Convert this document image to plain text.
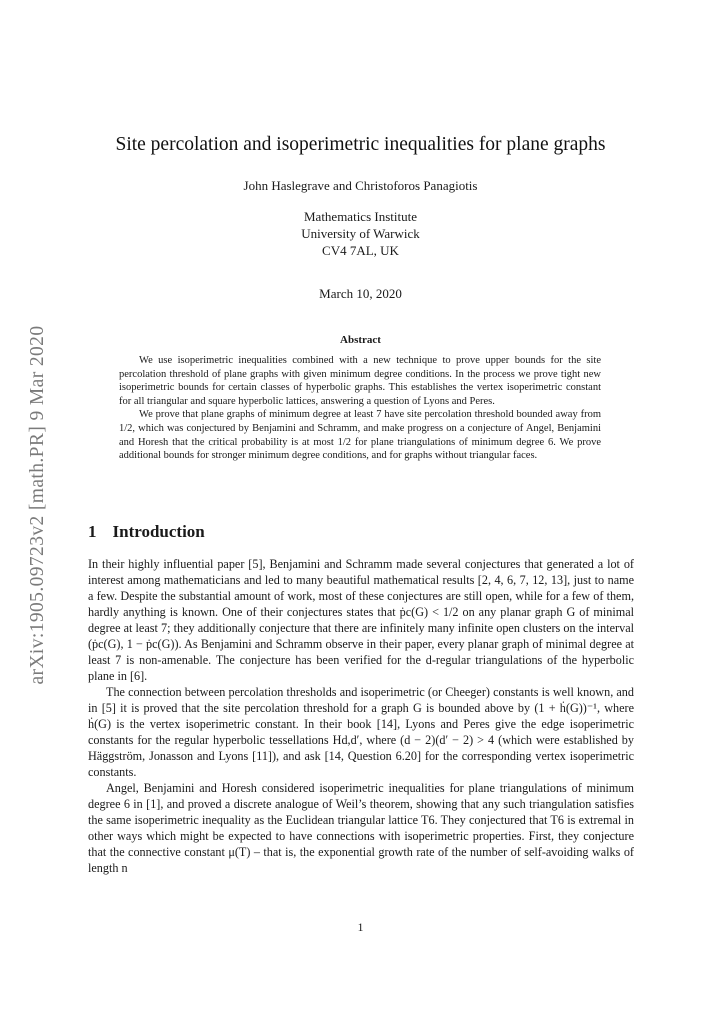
arXiv:1905.09723v2 [math.PR] 9 Mar 2020
Site percolation and isoperimetric inequalities for plane graphs
John Haslegrave and Christoforos Panagiotis
Mathematics Institute
University of Warwick
CV4 7AL, UK
March 10, 2020
Abstract

We use isoperimetric inequalities combined with a new technique to prove upper bounds for the site percolation threshold of plane graphs with given minimum degree conditions. In the process we prove tight new isoperimetric bounds for certain classes of hyperbolic graphs. This establishes the vertex isoperimetric constant for all triangular and square hyperbolic lattices, answering a question of Lyons and Peres.

We prove that plane graphs of minimum degree at least 7 have site percolation threshold bounded away from 1/2, which was conjectured by Benjamini and Schramm, and make progress on a conjecture of Angel, Benjamini and Horesh that the critical probability is at most 1/2 for plane triangulations of minimum degree 6. We prove additional bounds for stronger minimum degree conditions, and for graphs without triangular faces.

1 Introduction

In their highly influential paper [5], Benjamini and Schramm made several conjectures that generated a lot of interest among mathematicians and led to many beautiful mathematical results [2, 4, 6, 7, 12, 13], just to name a few. Despite the substantial amount of work, most of these conjectures are still open, while for a few of them, hardly anything is known. One of their conjectures states that ṗc(G) < 1/2 on any planar graph G of minimal degree at least 7; they additionally conjecture that there are infinitely many infinite open clusters on the interval (ṗc(G), 1 − ṗc(G)). As Benjamini and Schramm observe in their paper, every planar graph of minimal degree at least 7 is non-amenable. The conjecture has been verified for the d-regular triangulations of the hyperbolic plane in [6].

The connection between percolation thresholds and isoperimetric (or Cheeger) constants is well known, and in [5] it is proved that the site percolation threshold for a graph G is bounded above by (1 + ḣ(G))⁻¹, where ḣ(G) is the vertex isoperimetric constant. In their book [14], Lyons and Peres give the edge isoperimetric constants for the regular hyperbolic tessellations Hd,d′, where (d − 2)(d′ − 2) > 4 (which were established by Häggström, Jonasson and Lyons [11]), and ask [14, Question 6.20] for the corresponding vertex isoperimetric constants.

Angel, Benjamini and Horesh considered isoperimetric inequalities for plane triangulations of minimum degree 6 in [1], and proved a discrete analogue of Weil’s theorem, showing that any such triangulation satisfies the same isoperimetric inequality as the Euclidean triangular lattice T6. They conjectured that T6 is extremal in other ways which might be expected to have connections with isoperimetric properties. First, they conjecture that the connective constant μ(T) – that is, the exponential growth rate of the number of self-avoiding walks of length n

1
